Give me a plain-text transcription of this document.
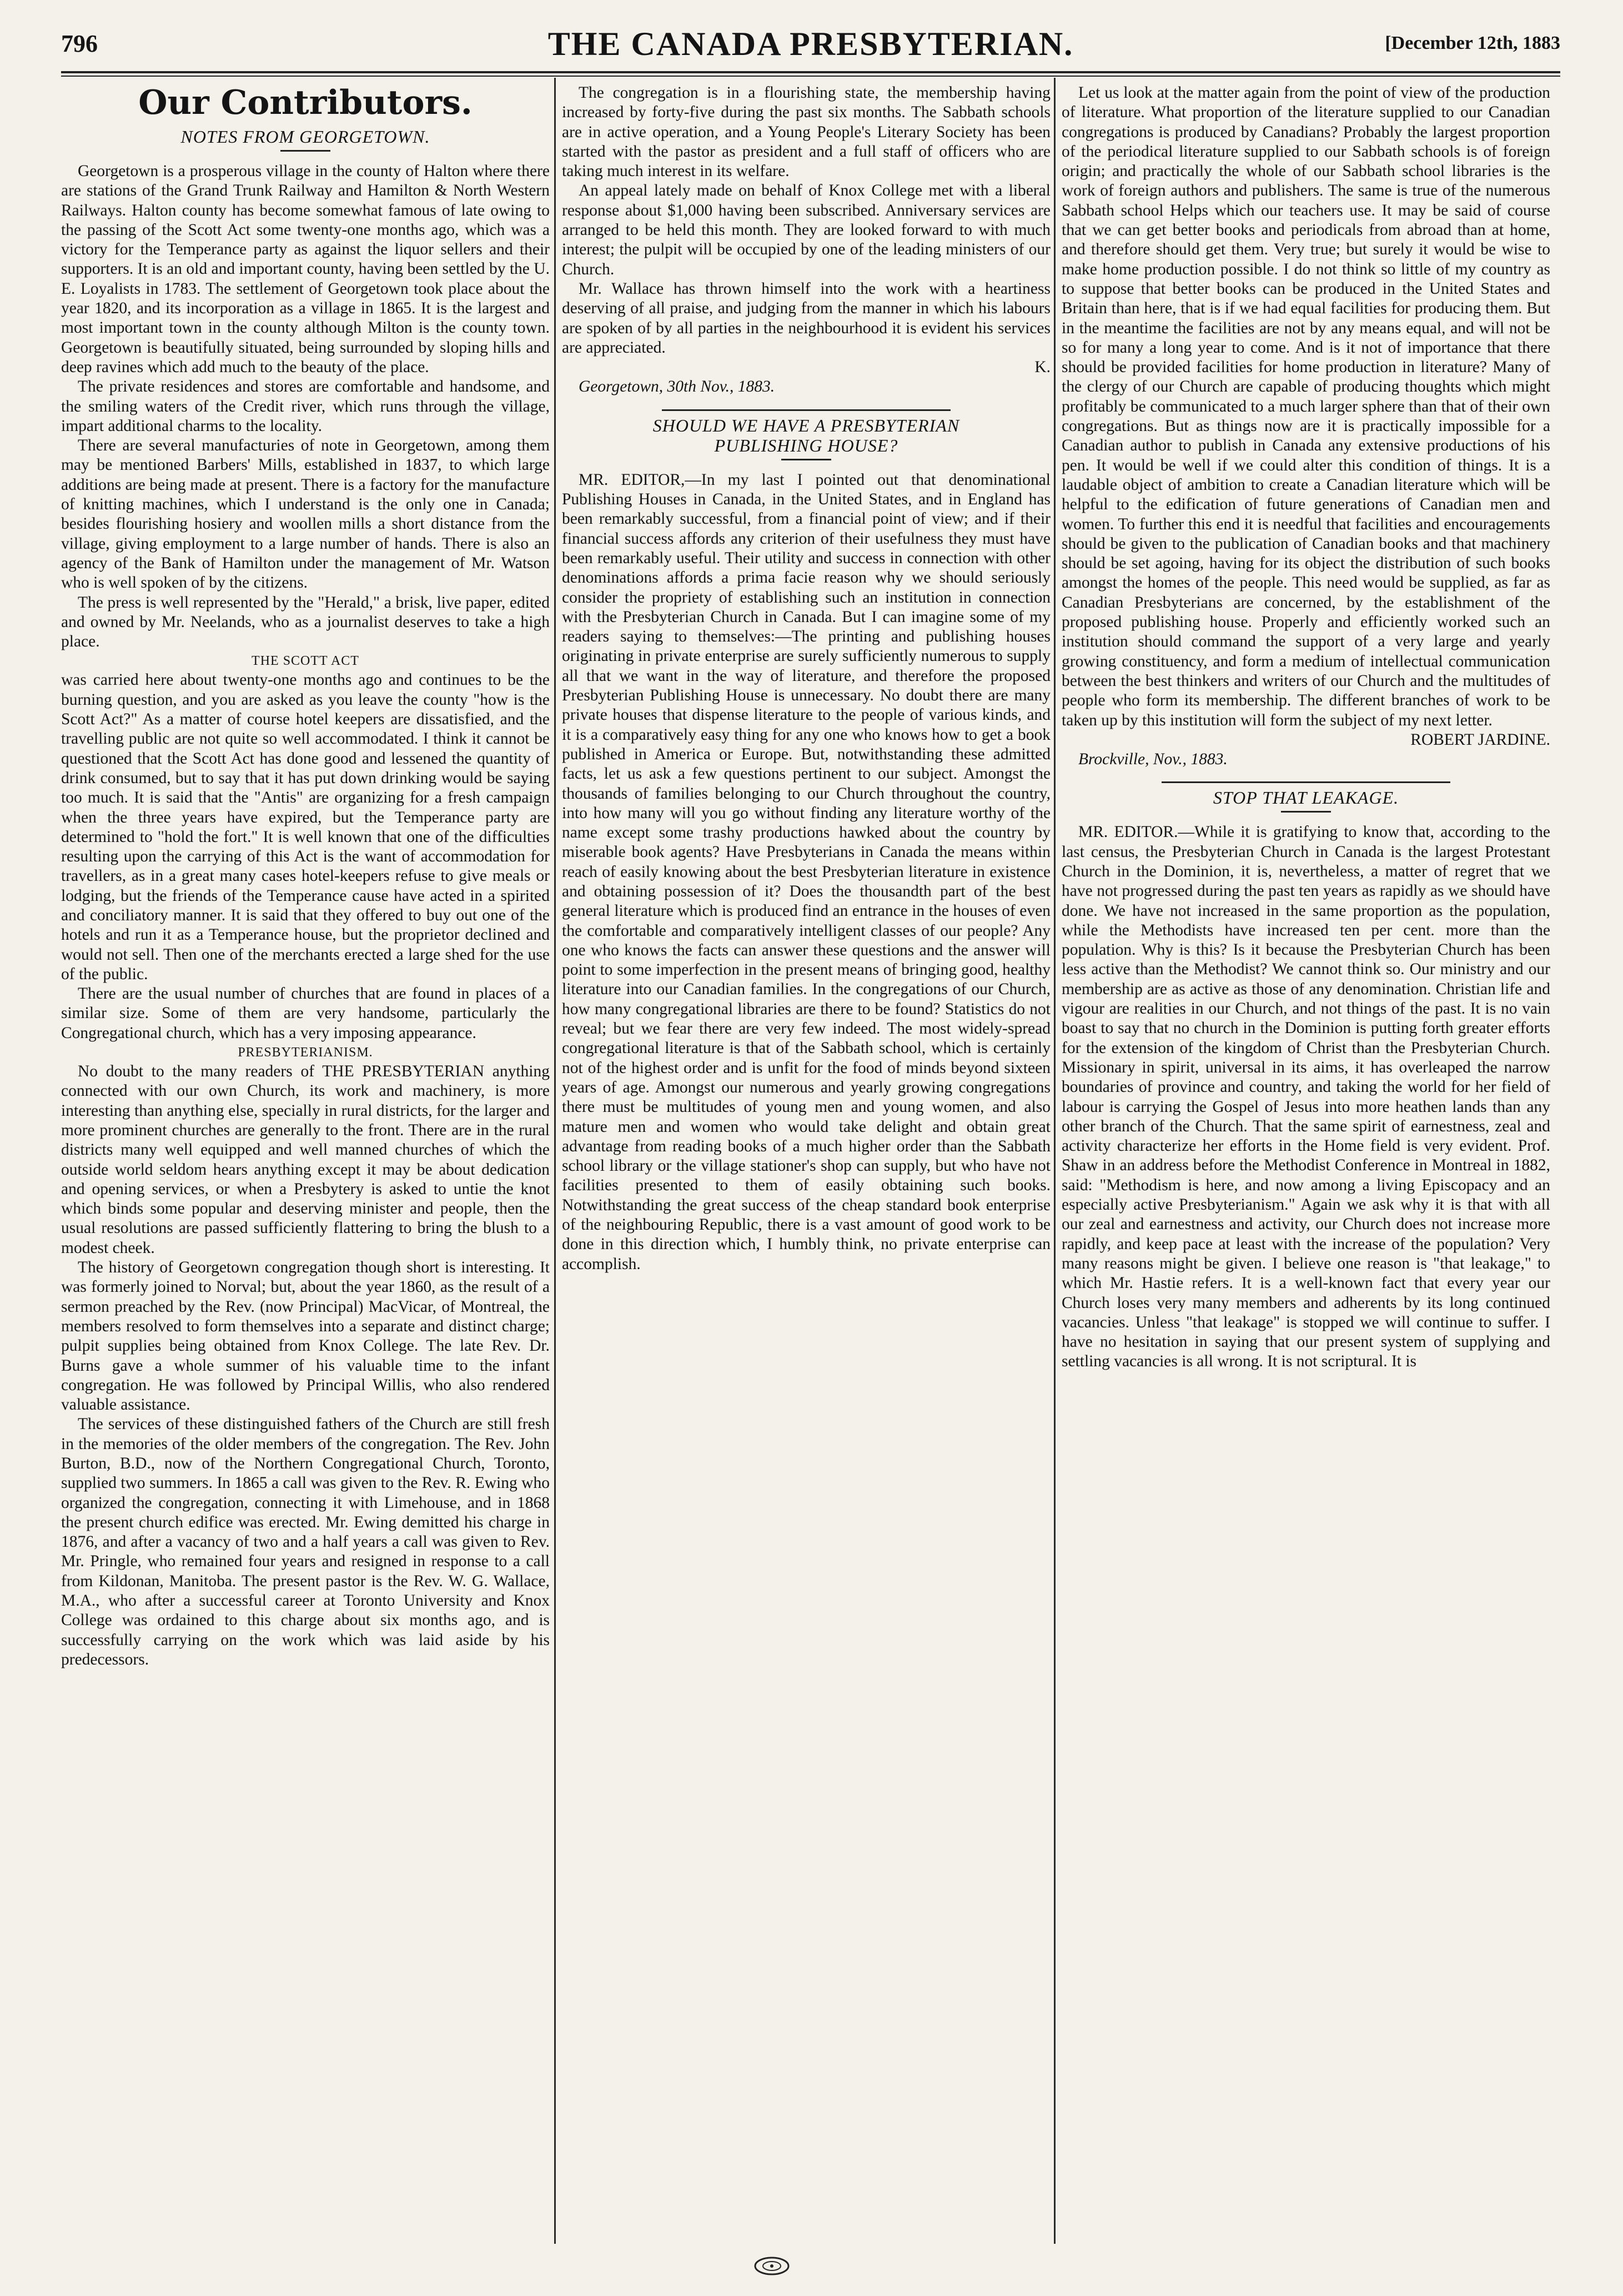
796	THE CANADA PRESBYTERIAN.	[December 12th, 1883
Our Contributors.
NOTES FROM GEORGETOWN.

Georgetown is a prosperous village in the county of Halton where there are stations of the Grand Trunk Railway and Hamilton & North Western Railways. Halton county has become somewhat famous of late owing to the passing of the Scott Act some twenty-one months ago, which was a victory for the Temperance party as against the liquor sellers and their supporters. It is an old and important county, having been settled by the U. E. Loyalists in 1783. The settlement of Georgetown took place about the year 1820, and its incorporation as a village in 1865. It is the largest and most important town in the county although Milton is the county town. Georgetown is beautifully situated, being surrounded by sloping hills and deep ravines which add much to the beauty of the place.

The private residences and stores are comfortable and handsome, and the smiling waters of the Credit river, which runs through the village, impart additional charms to the locality.

There are several manufacturies of note in Georgetown, among them may be mentioned Barbers' Mills, established in 1837, to which large additions are being made at present. There is a factory for the manufacture of knitting machines, which I understand is the only one in Canada; besides flourishing hosiery and woollen mills a short distance from the village, giving employment to a large number of hands. There is also an agency of the Bank of Hamilton under the management of Mr. Watson who is well spoken of by the citizens.

The press is well represented by the "Herald," a brisk, live paper, edited and owned by Mr. Neelands, who as a journalist deserves to take a high place.

THE SCOTT ACT

was carried here about twenty-one months ago and continues to be the burning question, and you are asked as you leave the county "how is the Scott Act?" As a matter of course hotel keepers are dissatisfied, and the travelling public are not quite so well accommodated. I think it cannot be questioned that the Scott Act has done good and lessened the quantity of drink consumed, but to say that it has put down drinking would be saying too much. It is said that the "Antis" are organizing for a fresh campaign when the three years have expired, but the Temperance party are determined to "hold the fort." It is well known that one of the difficulties resulting upon the carrying of this Act is the want of accommodation for travellers, as in a great many cases hotel-keepers refuse to give meals or lodging, but the friends of the Temperance cause have acted in a spirited and conciliatory manner. It is said that they offered to buy out one of the hotels and run it as a Temperance house, but the proprietor declined and would not sell. Then one of the merchants erected a large shed for the use of the public.

There are the usual number of churches that are found in places of a similar size. Some of them are very handsome, particularly the Congregational church, which has a very imposing appearance.

PRESBYTERIANISM.

No doubt to the many readers of THE PRESBYTERIAN anything connected with our own Church, its work and machinery, is more interesting than anything else, specially in rural districts, for the larger and more prominent churches are generally to the front. There are in the rural districts many well equipped and well manned churches of which the outside world seldom hears anything except it may be about dedication and opening services, or when a Presbytery is asked to untie the knot which binds some popular and deserving minister and people, then the usual resolutions are passed sufficiently flattering to bring the blush to a modest cheek.

The history of Georgetown congregation though short is interesting. It was formerly joined to Norval; but, about the year 1860, as the result of a sermon preached by the Rev. (now Principal) MacVicar, of Montreal, the members resolved to form themselves into a separate and distinct charge; pulpit supplies being obtained from Knox College. The late Rev. Dr. Burns gave a whole summer of his valuable time to the infant congregation. He was followed by Principal Willis, who also rendered valuable assistance.

The services of these distinguished fathers of the Church are still fresh in the memories of the older members of the congregation. The Rev. John Burton, B.D., now of the Northern Congregational Church, Toronto, supplied two summers. In 1865 a call was given to the Rev. R. Ewing who organized the congregation, connecting it with Limehouse, and in 1868 the present church edifice was erected. Mr. Ewing demitted his charge in 1876, and after a vacancy of two and a half years a call was given to Rev. Mr. Pringle, who remained four years and resigned in response to a call from Kildonan, Manitoba. The present pastor is the Rev. W. G. Wallace, M.A., who after a successful career at Toronto University and Knox College was ordained to this charge about six months ago, and is successfully carrying on the work which was laid aside by his predecessors.

The congregation is in a flourishing state, the membership having increased by forty-five during the past six months. The Sabbath schools are in active operation, and a Young People's Literary Society has been started with the pastor as president and a full staff of officers who are taking much interest in its welfare.

An appeal lately made on behalf of Knox College met with a liberal response about $1,000 having been subscribed. Anniversary services are arranged to be held this month. They are looked forward to with much interest; the pulpit will be occupied by one of the leading ministers of our Church.

Mr. Wallace has thrown himself into the work with a heartiness deserving of all praise, and judging from the manner in which his labours are spoken of by all parties in the neighbourhood it is evident his services are appreciated.

K.

Georgetown, 30th Nov., 1883.

SHOULD WE HAVE A PRESBYTERIAN
PUBLISHING HOUSE?

MR. EDITOR,—In my last I pointed out that denominational Publishing Houses in Canada, in the United States, and in England has been remarkably successful, from a financial point of view; and if their financial success affords any criterion of their usefulness they must have been remarkably useful. Their utility and success in connection with other denominations affords a prima facie reason why we should seriously consider the propriety of establishing such an institution in connection with the Presbyterian Church in Canada. But I can imagine some of my readers saying to themselves:—The printing and publishing houses originating in private enterprise are surely sufficiently numerous to supply all that we want in the way of literature, and therefore the proposed Presbyterian Publishing House is unnecessary. No doubt there are many private houses that dispense literature to the people of various kinds, and it is a comparatively easy thing for any one who knows how to get a book published in America or Europe. But, notwithstanding these admitted facts, let us ask a few questions pertinent to our subject. Amongst the thousands of families belonging to our Church throughout the country, into how many will you go without finding any literature worthy of the name except some trashy productions hawked about the country by miserable book agents? Have Presbyterians in Canada the means within reach of easily knowing about the best Presbyterian literature in existence and obtaining possession of it? Does the thousandth part of the best general literature which is produced find an entrance in the houses of even the comfortable and comparatively intelligent classes of our people? Any one who knows the facts can answer these questions and the answer will point to some imperfection in the present means of bringing good, healthy literature into our Canadian families. In the congregations of our Church, how many congregational libraries are there to be found? Statistics do not reveal; but we fear there are very few indeed. The most widely-spread congregational literature is that of the Sabbath school, which is certainly not of the highest order and is unfit for the food of minds beyond sixteen years of age. Amongst our numerous and yearly growing congregations there must be multitudes of young men and young women, and also mature men and women who would take delight and obtain great advantage from reading books of a much higher order than the Sabbath school library or the village stationer's shop can supply, but who have not facilities presented to them of easily obtaining such books. Notwithstanding the great success of the cheap standard book enterprise of the neighbouring Republic, there is a vast amount of good work to be done in this direction which, I humbly think, no private enterprise can accomplish.

Let us look at the matter again from the point of view of the production of literature. What proportion of the literature supplied to our Canadian congregations is produced by Canadians? Probably the largest proportion of the periodical literature supplied to our Sabbath schools is of foreign origin; and practically the whole of our Sabbath school libraries is the work of foreign authors and publishers. The same is true of the numerous Sabbath school Helps which our teachers use. It may be said of course that we can get better books and periodicals from abroad than at home, and therefore should get them. Very true; but surely it would be wise to make home production possible. I do not think so little of my country as to suppose that better books can be produced in the United States and Britain than here, that is if we had equal facilities for producing them. But in the meantime the facilities are not by any means equal, and will not be so for many a long year to come. And is it not of importance that there should be provided facilities for home production in literature? Many of the clergy of our Church are capable of producing thoughts which might profitably be communicated to a much larger sphere than that of their own congregations. But as things now are it is practically impossible for a Canadian author to publish in Canada any extensive productions of his pen. It would be well if we could alter this condition of things. It is a laudable object of ambition to create a Canadian literature which will be helpful to the edification of future generations of Canadian men and women. To further this end it is needful that facilities and encouragements should be given to the publication of Canadian books and that machinery should be set agoing, having for its object the distribution of such books amongst the homes of the people. This need would be supplied, as far as Canadian Presbyterians are concerned, by the establishment of the proposed publishing house. Properly and efficiently worked such an institution should command the support of a very large and yearly growing constituency, and form a medium of intellectual communication between the best thinkers and writers of our Church and the multitudes of people who form its membership. The different branches of work to be taken up by this institution will form the subject of my next letter.

ROBERT JARDINE.

Brockville, Nov., 1883.

STOP THAT LEAKAGE.

MR. EDITOR.—While it is gratifying to know that, according to the last census, the Presbyterian Church in Canada is the largest Protestant Church in the Dominion, it is, nevertheless, a matter of regret that we have not progressed during the past ten years as rapidly as we should have done. We have not increased in the same proportion as the population, while the Methodists have increased ten per cent. more than the population. Why is this? Is it because the Presbyterian Church has been less active than the Methodist? We cannot think so. Our ministry and our membership are as active as those of any denomination. Christian life and vigour are realities in our Church, and not things of the past. It is no vain boast to say that no church in the Dominion is putting forth greater efforts for the extension of the kingdom of Christ than the Presbyterian Church. Missionary in spirit, universal in its aims, it has overleaped the narrow boundaries of province and country, and taking the world for her field of labour is carrying the Gospel of Jesus into more heathen lands than any other branch of the Church. That the same spirit of earnestness, zeal and activity characterize her efforts in the Home field is very evident. Prof. Shaw in an address before the Methodist Conference in Montreal in 1882, said: "Methodism is here, and now among a living Episcopacy and an especially active Presbyterianism." Again we ask why it is that with all our zeal and earnestness and activity, our Church does not increase more rapidly, and keep pace at least with the increase of the population? Very many reasons might be given. I believe one reason is "that leakage," to which Mr. Hastie refers. It is a well-known fact that every year our Church loses very many members and adherents by its long continued vacancies. Unless "that leakage" is stopped we will continue to suffer. I have no hesitation in saying that our present system of supplying and settling vacancies is all wrong. It is not scriptural. It is
